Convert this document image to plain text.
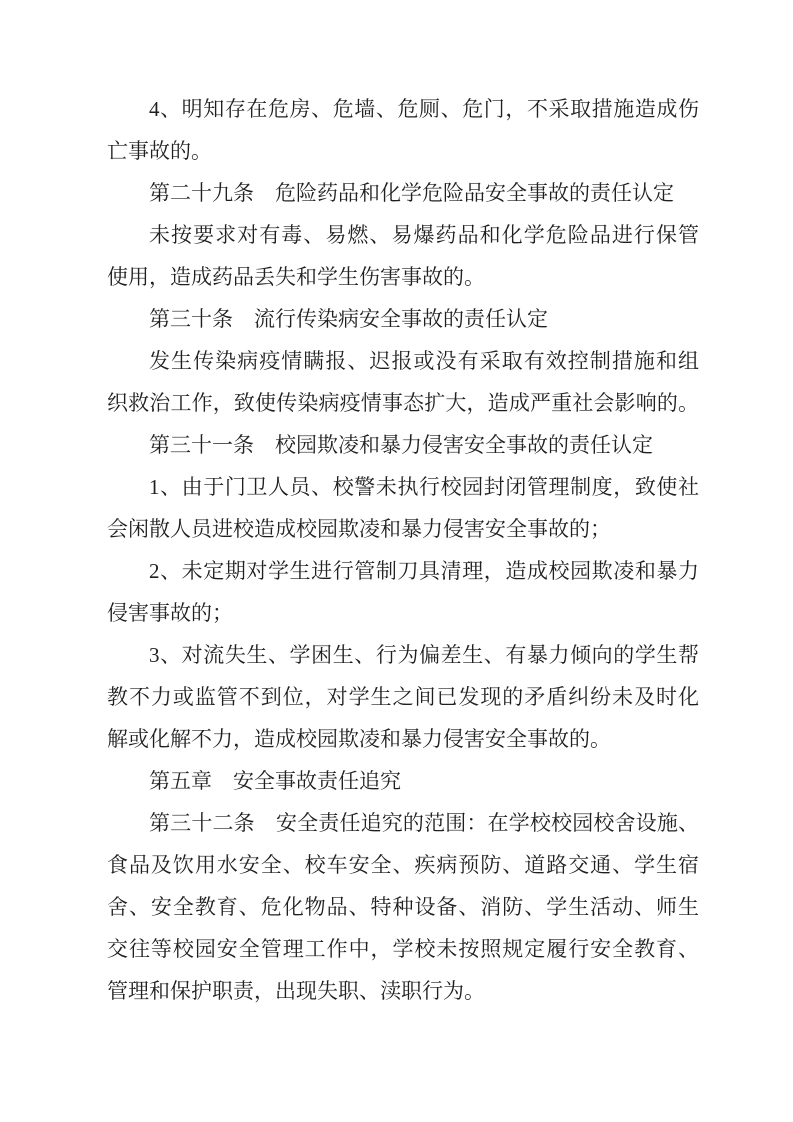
4、明知存在危房、危墙、危厕、危门，不采取措施造成伤
亡事故的。
第二十九条　危险药品和化学危险品安全事故的责任认定
未按要求对有毒、易燃、易爆药品和化学危险品进行保管
使用，造成药品丢失和学生伤害事故的。
第三十条　流行传染病安全事故的责任认定
发生传染病疫情瞒报、迟报或没有采取有效控制措施和组
织救治工作，致使传染病疫情事态扩大，造成严重社会影响的。
第三十一条　校园欺凌和暴力侵害安全事故的责任认定
1、由于门卫人员、校警未执行校园封闭管理制度，致使社
会闲散人员进校造成校园欺凌和暴力侵害安全事故的；
2、未定期对学生进行管制刀具清理，造成校园欺凌和暴力
侵害事故的；
3、对流失生、学困生、行为偏差生、有暴力倾向的学生帮
教不力或监管不到位，对学生之间已发现的矛盾纠纷未及时化
解或化解不力，造成校园欺凌和暴力侵害安全事故的。
第五章　安全事故责任追究
第三十二条　安全责任追究的范围：在学校校园校舍设施、
食品及饮用水安全、校车安全、疾病预防、道路交通、学生宿
舍、安全教育、危化物品、特种设备、消防、学生活动、师生
交往等校园安全管理工作中，学校未按照规定履行安全教育、
管理和保护职责，出现失职、渎职行为。
